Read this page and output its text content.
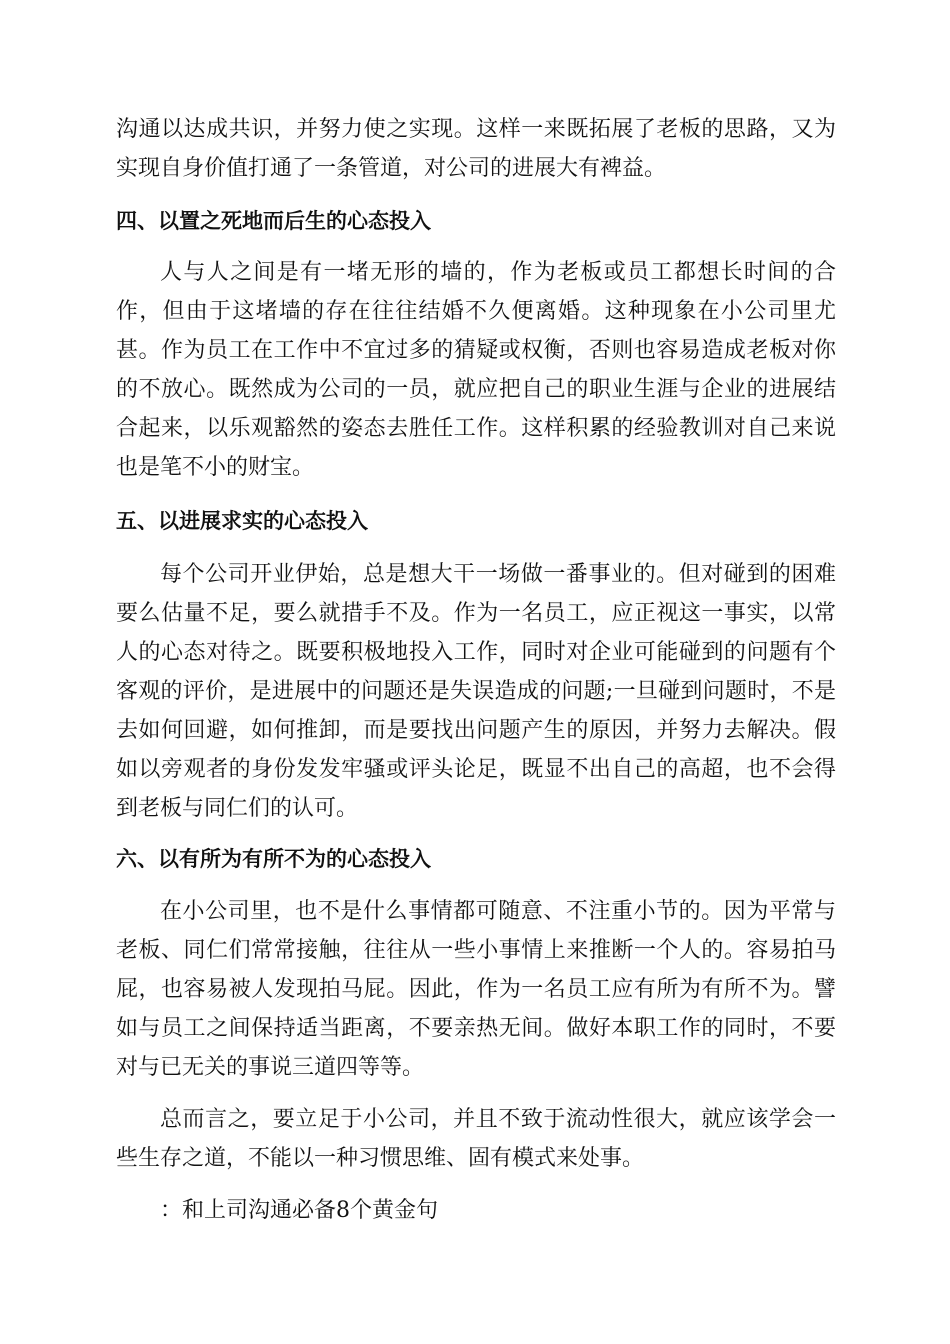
沟通以达成共识，并努力使之实现。这样一来既拓展了老板的思路，又为实现自身价值打通了一条管道，对公司的进展大有裨益。

四、以置之死地而后生的心态投入

人与人之间是有一堵无形的墙的，作为老板或员工都想长时间的合作，但由于这堵墙的存在往往结婚不久便离婚。这种现象在小公司里尤甚。作为员工在工作中不宜过多的猜疑或权衡，否则也容易造成老板对你的不放心。既然成为公司的一员，就应把自己的职业生涯与企业的进展结合起来，以乐观豁然的姿态去胜任工作。这样积累的经验教训对自己来说也是笔不小的财宝。

五、以进展求实的心态投入

每个公司开业伊始，总是想大干一场做一番事业的。但对碰到的困难要么估量不足，要么就措手不及。作为一名员工，应正视这一事实，以常人的心态对待之。既要积极地投入工作，同时对企业可能碰到的问题有个客观的评价，是进展中的问题还是失误造成的问题;一旦碰到问题时，不是去如何回避，如何推卸，而是要找出问题产生的原因，并努力去解决。假如以旁观者的身份发发牢骚或评头论足，既显不出自己的高超，也不会得到老板与同仁们的认可。

六、以有所为有所不为的心态投入

在小公司里，也不是什么事情都可随意、不注重小节的。因为平常与老板、同仁们常常接触，往往从一些小事情上来推断一个人的。容易拍马屁，也容易被人发现拍马屁。因此，作为一名员工应有所为有所不为。譬如与员工之间保持适当距离，不要亲热无间。做好本职工作的同时，不要对与已无关的事说三道四等等。

总而言之，要立足于小公司，并且不致于流动性很大，就应该学会一些生存之道，不能以一种习惯思维、固有模式来处事。

：和上司沟通必备8个黄金句
